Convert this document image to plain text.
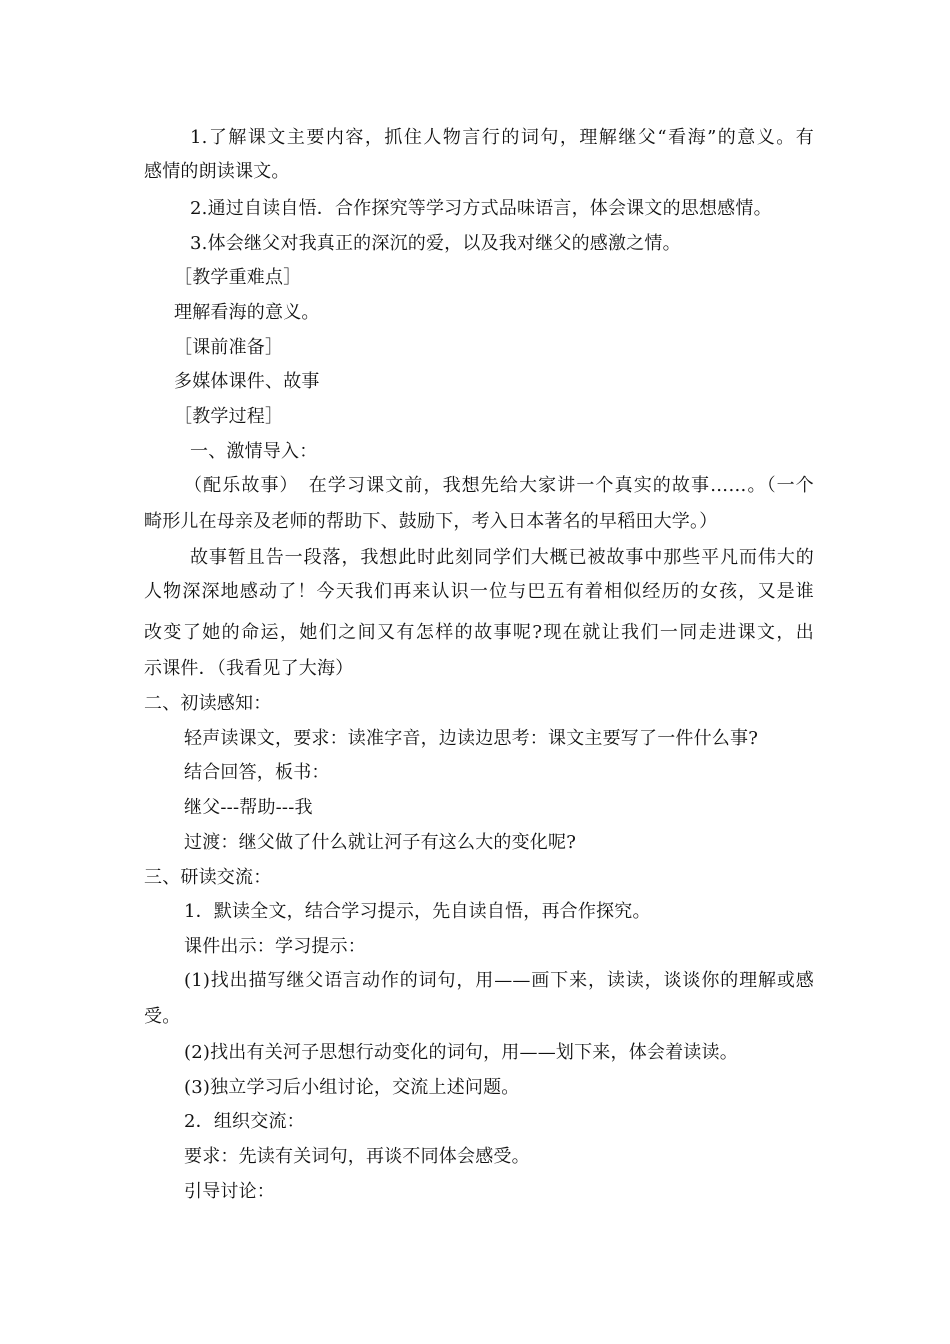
1.了解课文主要内容，抓住人物言行的词句，理解继父“看海”的意义。有
感情的朗读课文。
2.通过自读自悟．合作探究等学习方式品味语言，体会课文的思想感情。
3.体会继父对我真正的深沉的爱，以及我对继父的感激之情。
［教学重难点］
理解看海的意义。
［课前准备］
多媒体课件、故事
［教学过程］
一、激情导入：
（配乐故事）　在学习课文前，我想先给大家讲一个真实的故事……。（一个
畸形儿在母亲及老师的帮助下、鼓励下，考入日本著名的早稻田大学。）
故事暂且告一段落，我想此时此刻同学们大概已被故事中那些平凡而伟大的
人物深深地感动了！今天我们再来认识一位与巴五有着相似经历的女孩，又是谁
改变了她的命运，她们之间又有怎样的故事呢?现在就让我们一同走进课文，出
示课件．（我看见了大海）
二、初读感知：
轻声读课文，要求：读准字音，边读边思考：课文主要写了一件什么事?
结合回答，板书：
继父---帮助---我
过渡：继父做了什么就让河子有这么大的变化呢?
三、研读交流：
1．默读全文，结合学习提示，先自读自悟，再合作探究。
课件出示：学习提示：
(1)找出描写继父语言动作的词句，用——画下来，读读，谈谈你的理解或感
受。
(2)找出有关河子思想行动变化的词句，用——划下来，体会着读读。
(3)独立学习后小组讨论，交流上述问题。
2．组织交流：
要求：先读有关词句，再谈不同体会感受。
引导讨论：
